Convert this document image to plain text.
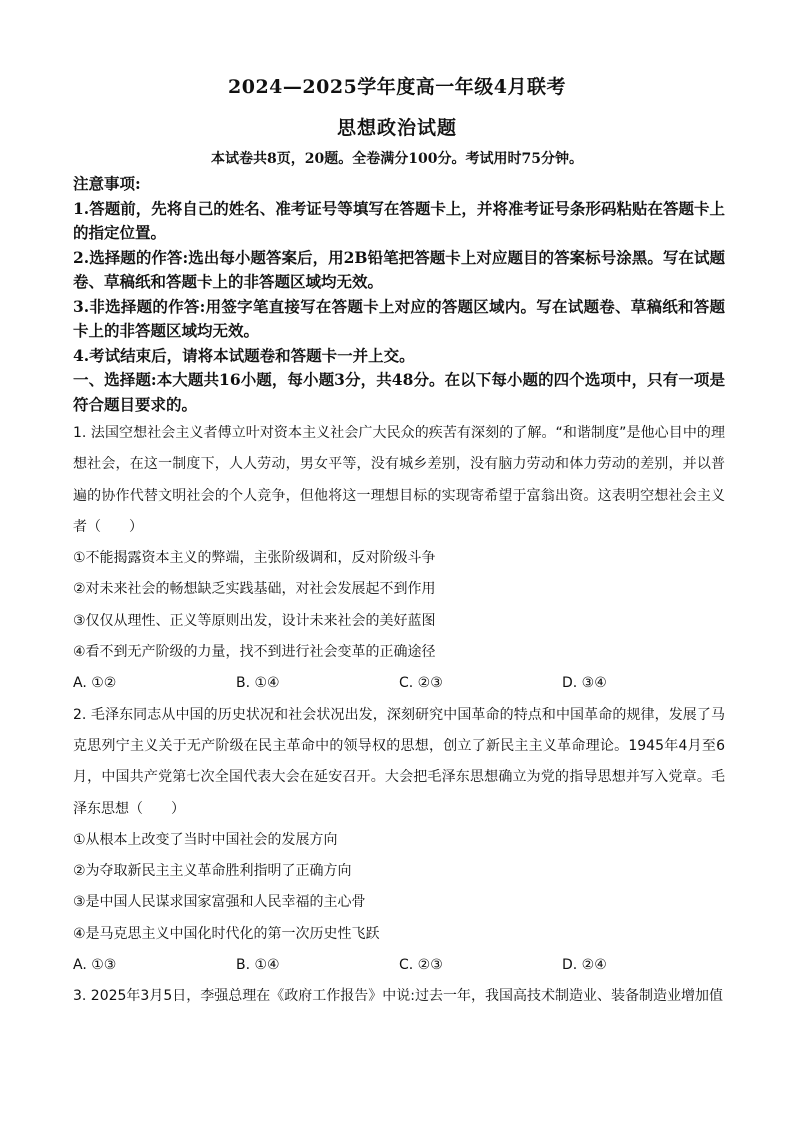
2024—2025学年度高一年级4月联考
思想政治试题
本试卷共8页，20题。全卷满分100分。考试用时75分钟。

注意事项:

1.答题前，先将自己的姓名、准考证号等填写在答题卡上，并将准考证号条形码粘贴在答题卡上的指定位置。

2.选择题的作答:选出每小题答案后，用2B铅笔把答题卡上对应题目的答案标号涂黑。写在试题卷、草稿纸和答题卡上的非答题区域均无效。

3.非选择题的作答:用签字笔直接写在答题卡上对应的答题区域内。写在试题卷、草稿纸和答题卡上的非答题区域均无效。

4.考试结束后，请将本试题卷和答题卡一并上交。

一、选择题:本大题共16小题，每小题3分，共48分。在以下每小题的四个选项中，只有一项是符合题目要求的。

1. 法国空想社会主义者傅立叶对资本主义社会广大民众的疾苦有深刻的了解。“和谐制度”是他心目中的理想社会，在这一制度下，人人劳动，男女平等，没有城乡差别，没有脑力劳动和体力劳动的差别，并以普遍的协作代替文明社会的个人竞争，但他将这一理想目标的实现寄希望于富翁出资。这表明空想社会主义者（　　）

①不能揭露资本主义的弊端，主张阶级调和，反对阶级斗争

②对未来社会的畅想缺乏实践基础，对社会发展起不到作用

③仅仅从理性、正义等原则出发，设计未来社会的美好蓝图

④看不到无产阶级的力量，找不到进行社会变革的正确途径

A. ①②	B. ①④	C. ②③	D. ③④

2. 毛泽东同志从中国的历史状况和社会状况出发，深刻研究中国革命的特点和中国革命的规律，发展了马克思列宁主义关于无产阶级在民主革命中的领导权的思想，创立了新民主主义革命理论。1945年4月至6月，中国共产党第七次全国代表大会在延安召开。大会把毛泽东思想确立为党的指导思想并写入党章。毛泽东思想（　　）

①从根本上改变了当时中国社会的发展方向

②为夺取新民主主义革命胜利指明了正确方向

③是中国人民谋求国家富强和人民幸福的主心骨

④是马克思主义中国化时代化的第一次历史性飞跃

A. ①③	B. ①④	C. ②③	D. ②④

3. 2025年3月5日，李强总理在《政府工作报告》中说:过去一年，我国高技术制造业、装备制造业增加值
